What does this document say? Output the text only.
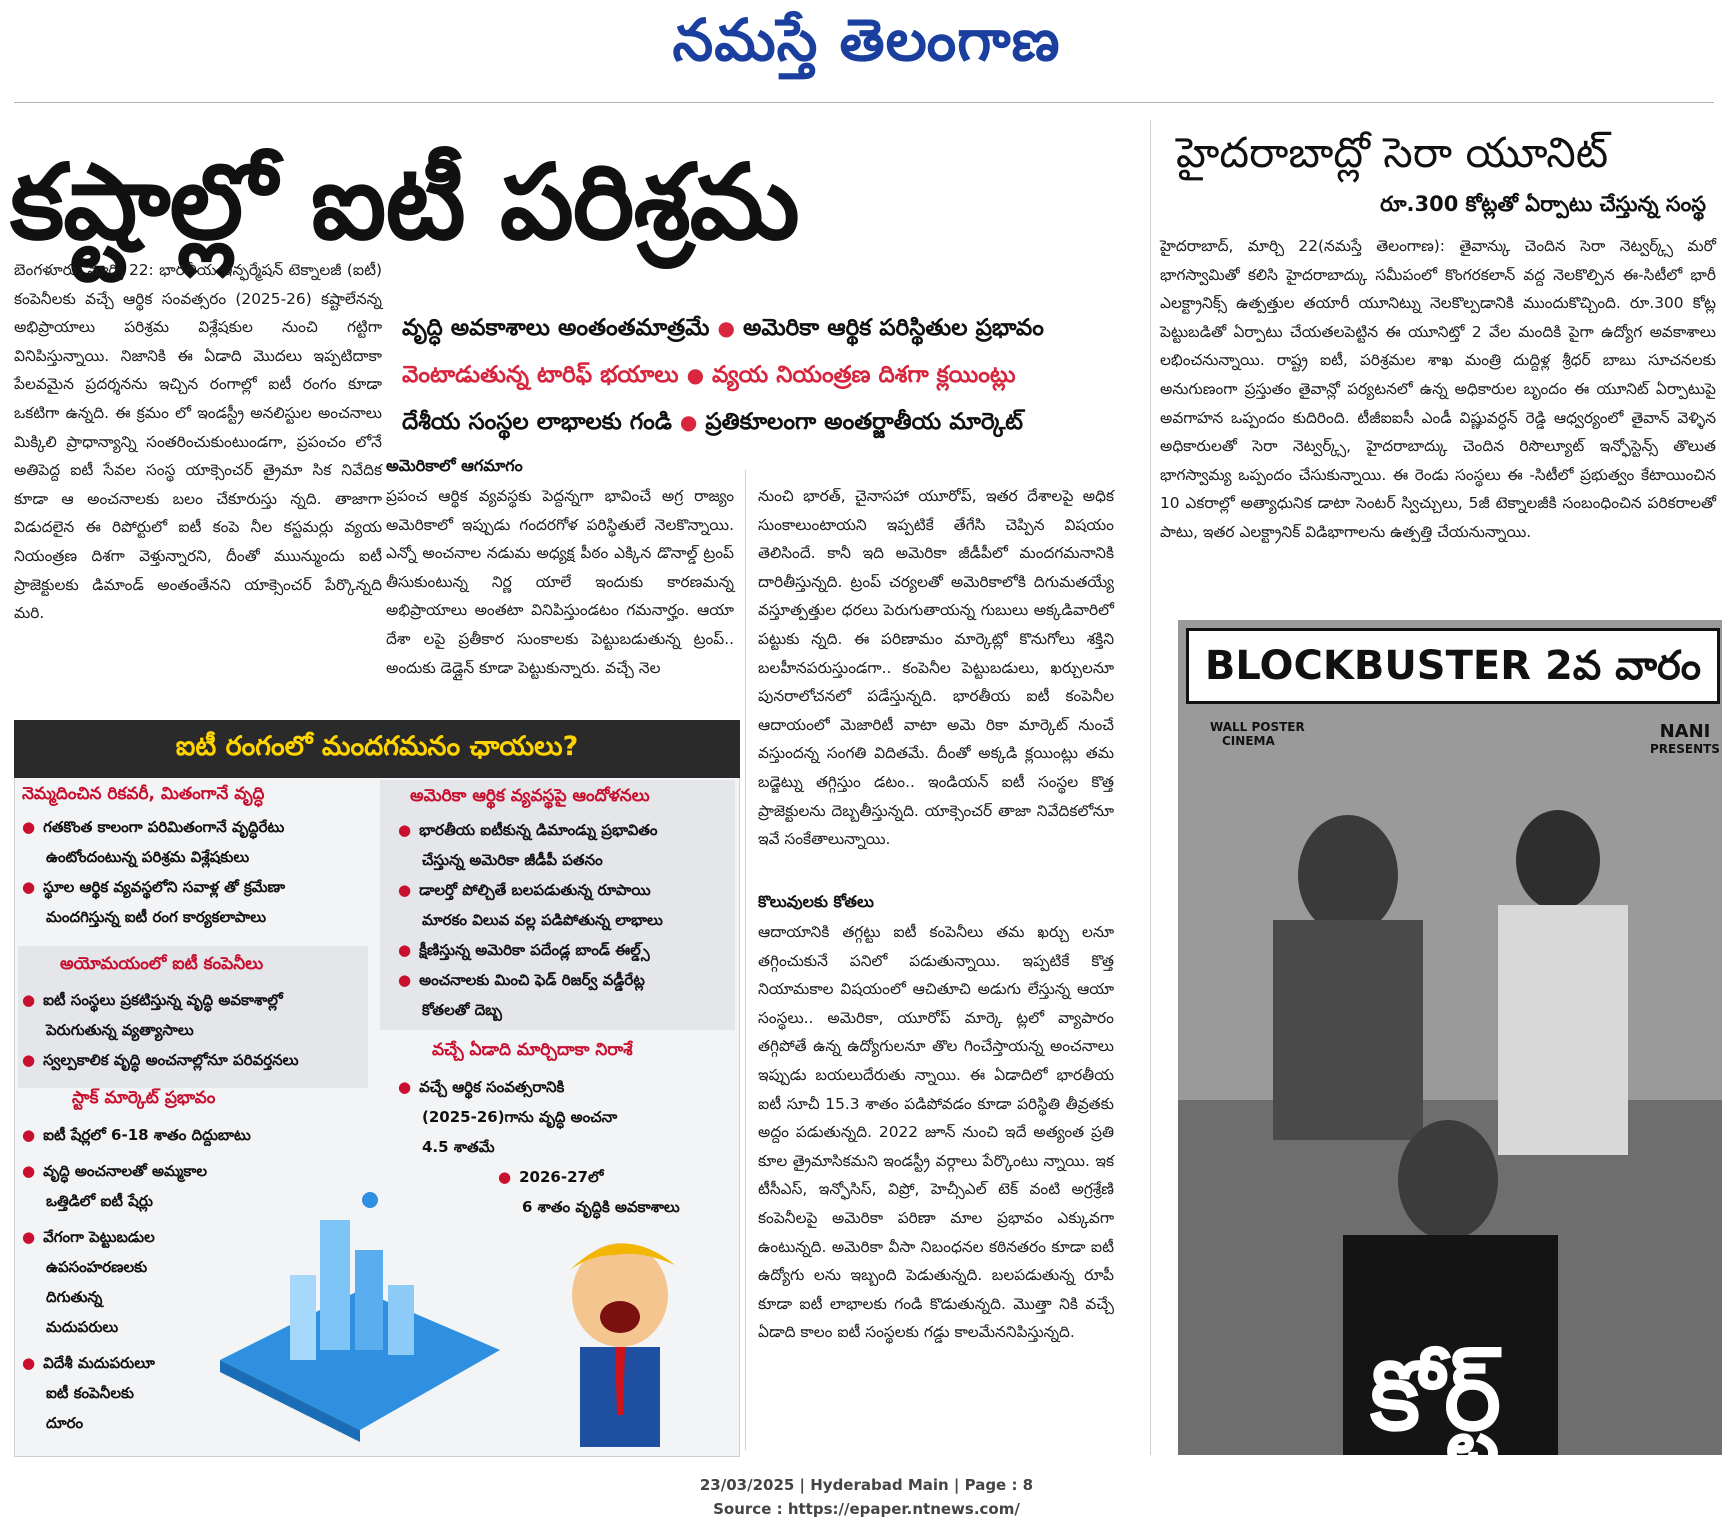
నమస్తే తెలంగాణ
కష్టాల్లో ఐటీ పరిశ్రమ
వృద్ధి అవకాశాలు అంతంతమాత్రమే ● అమెరికా ఆర్థిక పరిస్థితుల ప్రభావం
వెంటాడుతున్న టారిఫ్ భయాలు ● వ్యయ నియంత్రణ దిశగా క్లయింట్లు
దేశీయ సంస్థల లాభాలకు గండి ● ప్రతికూలంగా అంతర్జాతీయ మార్కెట్
బెంగళూరు, మార్చి 22: భారతీయ ఇన్ఫర్మేషన్ టెక్నాలజీ (ఐటీ) కంపెనీలకు వచ్చే ఆర్థిక సంవత్సరం (2025-26) కష్టాలేనన్న అభిప్రాయాలు పరిశ్రమ విశ్లేషకుల నుంచి గట్టిగా వినిపిస్తున్నాయి. నిజానికి ఈ ఏడాది మొదలు ఇప్పటిదాకా పేలవమైన ప్రదర్శనను ఇచ్చిన రంగాల్లో ఐటీ రంగం కూడా ఒకటిగా ఉన్నది. ఈ క్రమం లో ఇండస్ట్రీ అనలిస్టుల అంచనాలు మిక్కిలి ప్రాధాన్యాన్ని సంతరించుకుంటుండగా, ప్రపంచం లోనే అతిపెద్ద ఐటీ సేవల సంస్థ యాక్సెంచర్ త్రైమా సిక నివేదిక కూడా ఆ అంచనాలకు బలం చేకూరుస్తు న్నది. తాజాగా విడుదలైన ఈ రిపోర్టులో ఐటీ కంపె నీల కస్టమర్లు వ్యయ నియంత్రణ దిశగా వెళ్తున్నారని, దీంతో ముున్ముందు ఐటీ ప్రాజెక్టులకు డిమాండ్ అంతంతేనని యాక్సెంచర్ పేర్కొన్నది మరి.
అమెరికాలో ఆగమాగం
ప్రపంచ ఆర్థిక వ్యవస్థకు పెద్దన్నగా భావించే అగ్ర రాజ్యం అమెరికాలో ఇప్పుడు గందరగోళ పరిస్థితులే నెలకొన్నాయి. ఎన్నో అంచనాల నడుమ అధ్యక్ష పీఠం ఎక్కిన డొనాల్డ్ ట్రంప్ తీసుకుంటున్న నిర్ణ యాలే ఇందుకు కారణమన్న అభిప్రాయాలు అంతటా వినిపిస్తుండటం గమనార్హం. ఆయా దేశా లపై ప్రతీకార సుంకాలకు పెట్టుబడుతున్న ట్రంప్.. అందుకు డెడ్లైన్ కూడా పెట్టుకున్నారు. వచ్చే నెల
నుంచి భారత్, చైనాసహా యూరోప్, ఇతర దేశాలపై అధిక సుంకాలుంటాయని ఇప్పటికే తేగేసి చెప్పిన విషయం తెలిసిందే. కానీ ఇది అమెరికా జీడీపీలో మందగమనానికి దారితీస్తున్నది. ట్రంప్ చర్యలతో అమెరికాలోకి దిగుమతయ్యే వస్తూత్పత్తుల ధరలు పెరుగుతాయన్న గుబులు అక్కడివారిలో పట్టుకు న్నది. ఈ పరిణామం మార్కెట్లో కొనుగోలు శక్తిని బలహీనపరుస్తుండగా.. కంపెనీల పెట్టుబడులు, ఖర్చులనూ పునరాలోచనలో పడేస్తున్నది. భారతీయ ఐటీ కంపెనీల ఆదాయంలో మెజారిటీ వాటా అమె రికా మార్కెట్ నుంచే వస్తుందన్న సంగతి విదితమే. దీంతో అక్కడి క్లయింట్లు తమ బడ్జెట్ను తగ్గిస్తుం డటం.. ఇండియన్ ఐటీ సంస్థల కొత్త ప్రాజెక్టులను దెబ్బతీస్తున్నది. యాక్సెంచర్ తాజా నివేదికలోనూ ఇవే సంకేతాలున్నాయి.
కొలువులకు కోతలు
ఆదాయానికి తగ్గట్టు ఐటీ కంపెనీలు తమ ఖర్చు లనూ తగ్గించుకునే పనిలో పడుతున్నాయి. ఇప్పటికే కొత్త నియామకాల విషయంలో ఆచితూచి అడుగు లేస్తున్న ఆయా సంస్థలు.. అమెరికా, యూరోప్ మార్కె ట్లలో వ్యాపారం తగ్గిపోతే ఉన్న ఉద్యోగులనూ తొల గించేస్తాయన్న అంచనాలు ఇప్పుడు బయలుదేరుతు న్నాయి. ఈ ఏడాదిలో భారతీయ ఐటీ సూచీ 15.3 శాతం పడిపోవడం కూడా పరిస్థితి తీవ్రతకు అద్దం పడుతున్నది. 2022 జూన్ నుంచి ఇదే అత్యంత ప్రతి కూల త్రైమాసికమని ఇండస్ట్రీ వర్గాలు పేర్కొంటు న్నాయి. ఇక టీసీఎస్, ఇన్ఫోసిస్, విప్రో, హెచ్సీఎల్ టెక్ వంటి అగ్రశ్రేణి కంపెనీలపై అమెరికా పరిణా మాల ప్రభావం ఎక్కువగా ఉంటున్నది. అమెరికా వీసా నిబంధనల కఠినతరం కూడా ఐటీ ఉద్యోగు లను ఇబ్బంది పెడుతున్నది. బలపడుతున్న రూపీ కూడా ఐటీ లాభాలకు గండి కొడుతున్నది. మొత్తా నికి వచ్చే ఏడాది కాలం ఐటీ సంస్థలకు గడ్డు కాలమేననిపిస్తున్నది.
ఐటీ రంగంలో మందగమనం ఛాయలు?
నెమ్మదించిన రికవరీ, మితంగానే వృద్ధి
● గతకొంత కాలంగా పరిమితంగానే వృద్ధిరేటు
ఉంటోందంటున్న పరిశ్రమ విశ్లేషకులు
● స్థూల ఆర్థిక వ్యవస్థలోని సవాళ్ల తో క్రమేణా
మందగిస్తున్న ఐటీ రంగ కార్యకలాపాలు
అయోమయంలో ఐటీ కంపెనీలు
● ఐటీ సంస్థలు ప్రకటిస్తున్న వృద్ధి అవకాశాల్లో
పెరుగుతున్న వ్యత్యాసాలు
● స్వల్పకాలిక వృద్ధి అంచనాల్లోనూ పరివర్తనలు
స్టాక్ మార్కెట్ ప్రభావం
● ఐటీ షేర్లలో 6-18 శాతం దిద్దుబాటు
● వృద్ధి అంచనాలతో అమ్మకాల
ఒత్తిడిలో ఐటీ షేర్లు
● వేగంగా పెట్టుబడుల
ఉపసంహరణలకు
దిగుతున్న
మదుపరులు
● విదేశీ మదుపరులూ
ఐటీ కంపెనీలకు
దూరం
అమెరికా ఆర్థిక వ్యవస్థపై ఆందోళనలు
● భారతీయ ఐటీకున్న డిమాండ్ను ప్రభావితం
చేస్తున్న అమెరికా జీడీపీ పతనం
● డాలర్తో పోల్చితే బలపడుతున్న రూపాయి
మారకం విలువ వల్ల పడిపోతున్న లాభాలు
● క్షీణిస్తున్న అమెరికా పదేండ్ల బాండ్ ఈల్డ్స్
● అంచనాలకు మించి ఫెడ్ రిజర్వ్ వడ్డీరేట్ల
కోతలతో దెబ్బ
వచ్చే ఏడాది మార్చిదాకా నిరాశే
● వచ్చే ఆర్థిక సంవత్సరానికి
(2025-26)గాను వృద్ధి అంచనా
4.5 శాతమే
● 2026-27లో
6 శాతం వృద్ధికి అవకాశాలు
హైదరాబాద్లో సెరా యూనిట్
రూ.300 కోట్లతో ఏర్పాటు చేస్తున్న సంస్థ
హైదరాబాద్, మార్చి 22(నమస్తే తెలంగాణ): తైవాన్కు చెందిన సెరా నెట్వర్క్స్ మరో భాగస్వామితో కలిసి హైదరాబాద్కు సమీపంలో కొంగరకలాన్ వద్ద నెలకొల్పిన ఈ-సిటీలో భారీ ఎలక్ట్రానిక్స్ ఉత్పత్తుల తయారీ యూనిట్ను నెలకొల్పడానికి ముందుకొచ్చింది. రూ.300 కోట్ల పెట్టుబడితో ఏర్పాటు చేయతలపెట్టిన ఈ యూనిట్తో 2 వేల మందికి పైగా ఉద్యోగ అవకాశాలు లభించనున్నాయి. రాష్ట్ర ఐటీ, పరిశ్రమల శాఖ మంత్రి దుద్దిళ్ల శ్రీధర్ బాబు సూచనలకు అనుగుణంగా ప్రస్తుతం తైవాన్లో పర్యటనలో ఉన్న అధికారుల బృందం ఈ యూనిట్ ఏర్పాటుపై అవగాహన ఒప్పందం కుదిరింది. టీజీఐఐసీ ఎండీ విష్ణువర్ధన్ రెడ్డి ఆధ్వర్యంలో తైవాన్ వెళ్ళిన అధికారులతో సెరా నెట్వర్క్స్, హైదరాబాద్కు చెందిన రిసొల్యూట్ ఇన్ఫోస్టెన్స్ తొలుత భాగస్వామ్య ఒప్పందం చేసుకున్నాయి. ఈ రెండు సంస్థలు ఈ -సిటీలో ప్రభుత్వం కేటాయించిన 10 ఎకరాల్లో అత్యాధునిక డాటా సెంటర్ స్విచ్చులు, 5జీ టెక్నాలజీకి సంబంధించిన పరికరాలతో పాటు, ఇతర ఎలక్ట్రానిక్ విడిభాగాలను ఉత్పత్తి చేయనున్నాయి.
BLOCKBUSTER 2వ వారం
WALL POSTER
CINEMA	NANI
PRESENTS
కోర్ట్
23/03/2025 | Hyderabad Main | Page : 8
Source : https://epaper.ntnews.com/
